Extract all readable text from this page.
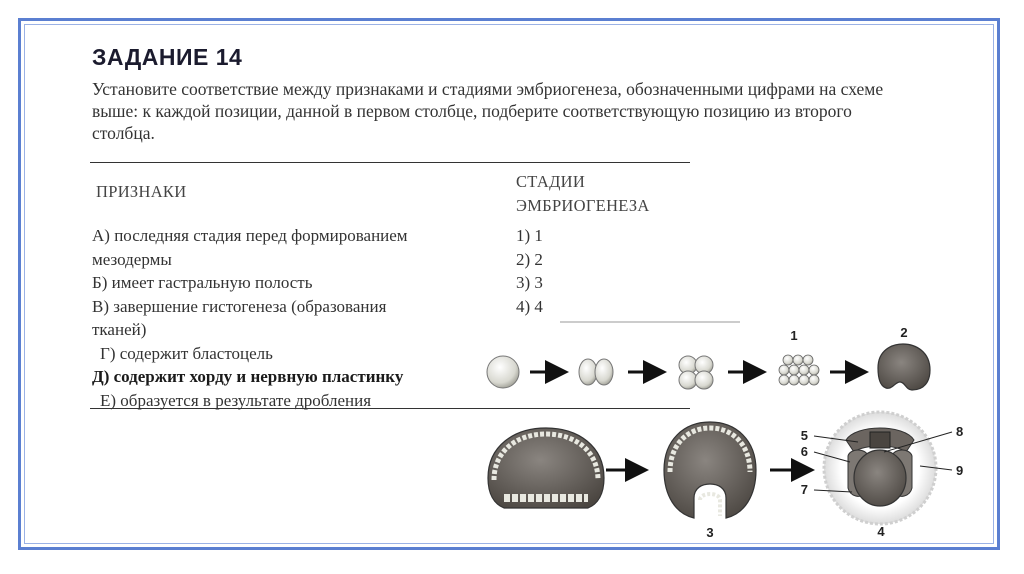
ЗАДАНИЕ 14
Установите соответствие между признаками и стадиями эмбриогенеза, обозначенными цифрами на схеме выше: к каждой позиции, данной в первом столбце, подберите соответствующую позицию из второго столбца.
ПРИЗНАКИ
СТАДИИ
ЭМБРИОГЕНЕЗА
А) последняя стадия перед формированием
мезодермы
Б) имеет гастральную полость
В) завершение гистогенеза (образования
тканей)
Г) содержит бластоцель
Д) содержит хорду и нервную пластинку
Е) образуется в результате дробления
1) 1
2) 2
3) 3
4) 4
1	2
3	4
5
6
7
8
9
